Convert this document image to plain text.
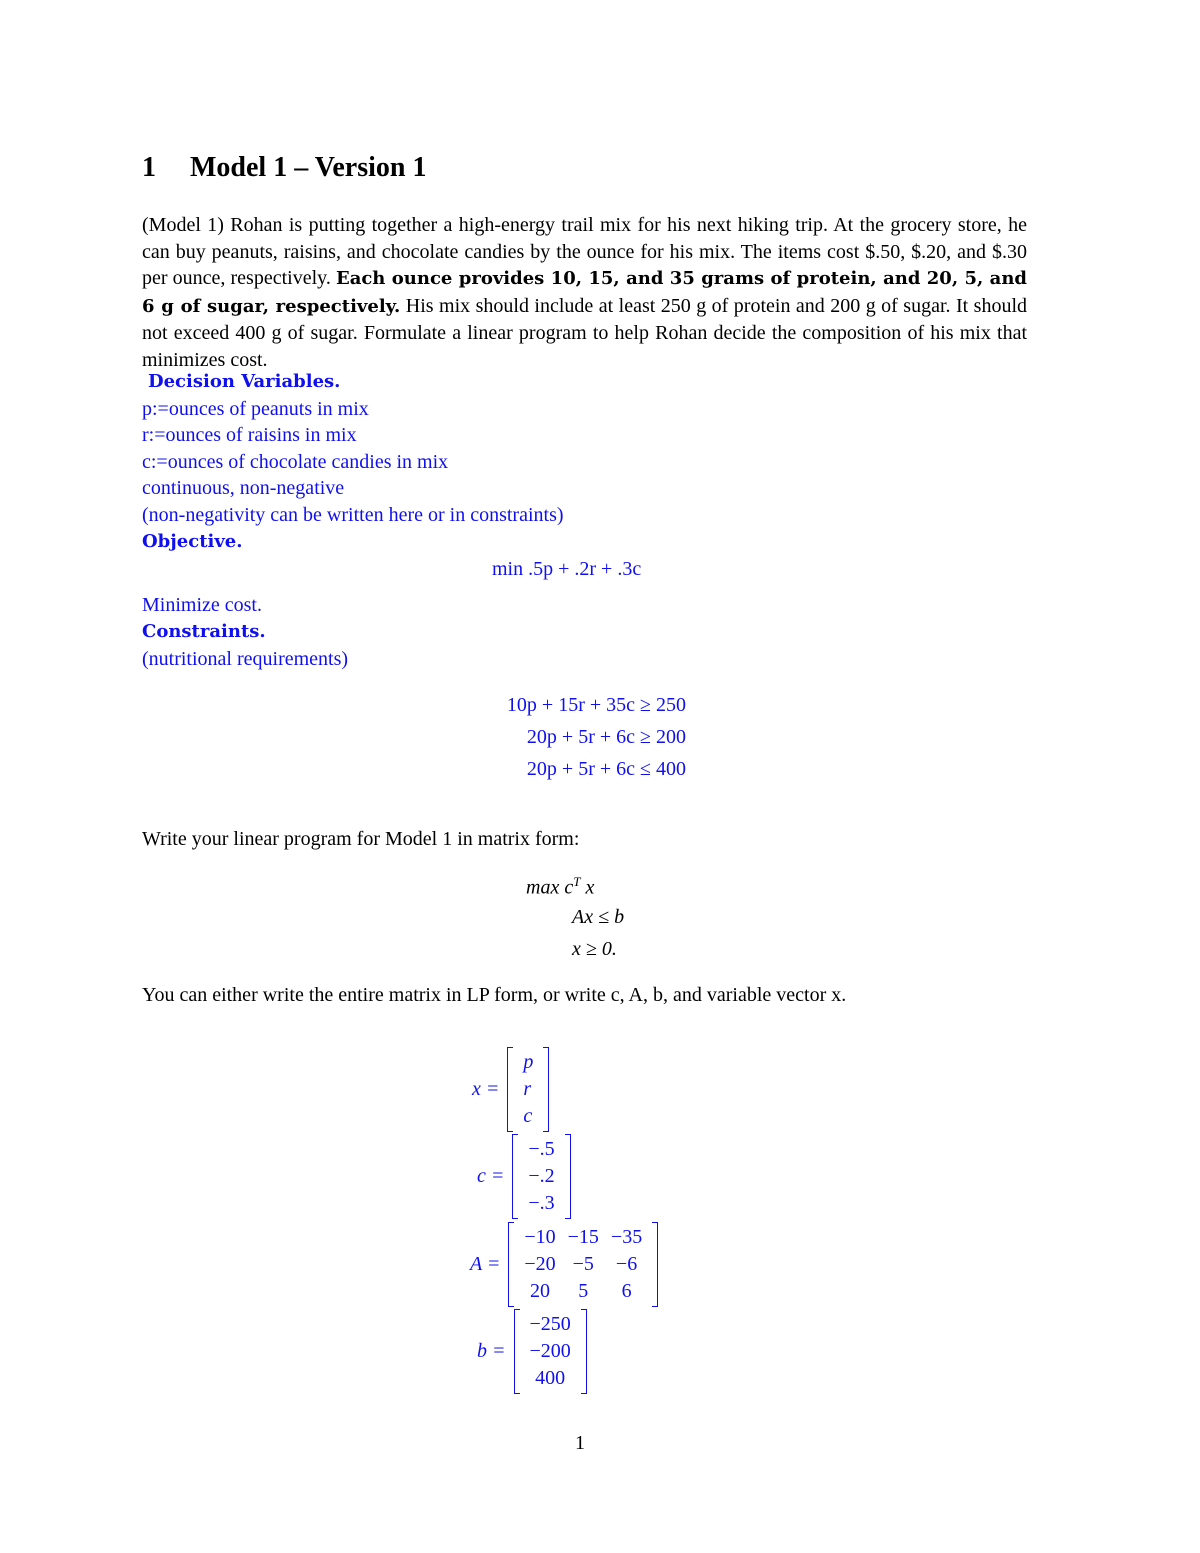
1 Model 1 – Version 1
(Model 1) Rohan is putting together a high-energy trail mix for his next hiking trip. At the grocery store, he can buy peanuts, raisins, and chocolate candies by the ounce for his mix. The items cost $.50, $.20, and $.30 per ounce, respectively. Each ounce provides 10, 15, and 35 grams of protein, and 20, 5, and 6 g of sugar, respectively. His mix should include at least 250 g of protein and 200 g of sugar. It should not exceed 400 g of sugar. Formulate a linear program to help Rohan decide the composition of his mix that minimizes cost.
Decision Variables.
p:=ounces of peanuts in mix
r:=ounces of raisins in mix
c:=ounces of chocolate candies in mix
continuous, non-negative
(non-negativity can be written here or in constraints)
Objective.
min .5p + .2r + .3c
Minimize cost.
Constraints.
(nutritional requirements)
10p + 15r + 35c ≥ 250
20p + 5r + 6c ≥ 200
20p + 5r + 6c ≤ 400
Write your linear program for Model 1 in matrix form:
$\max c^T$ x
Ax ≤ b
x ≥ 0.
You can either write the entire matrix in LP form, or write c, A, b, and variable vector x.
x =
p
r
c
c =
−.5
−.2
−.3
A =
−10	−15	−35
−20	−5	−6
20	5	6
b =
−250
−200
400
1
